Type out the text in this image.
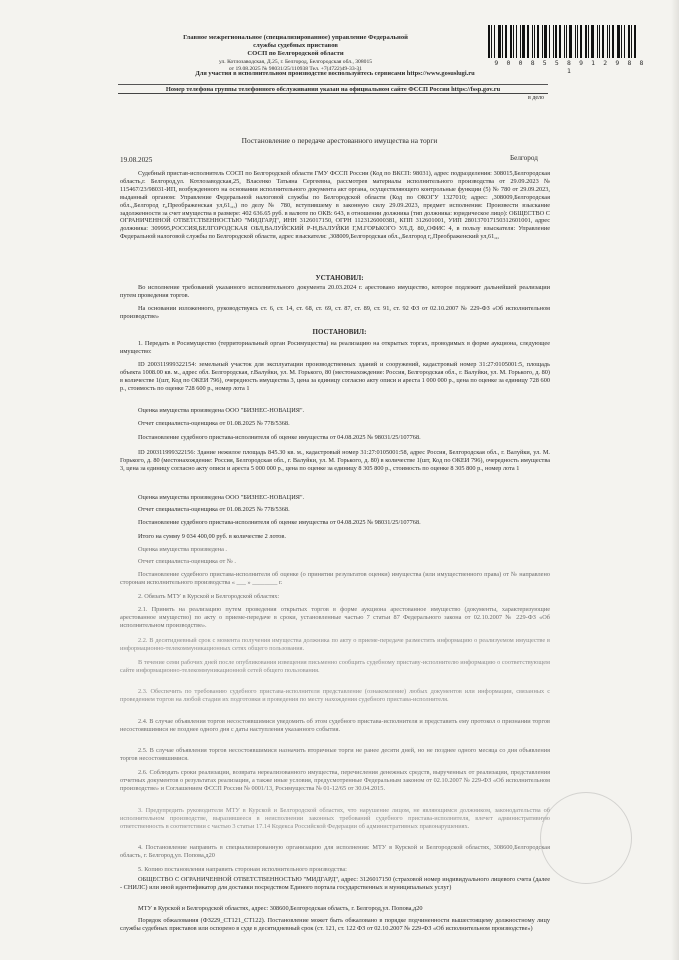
Главное межрегиональное (специализированное) управление Федеральной
службы судебных приставов
СОСП по Белгородской области
ул. Котлозаводская, Д.25, г. Белгород, Белгородская обл., 308015
от 19.08.2025 № 98031/25/110938 Тел. +7(4722)49-33-31
9 0 0 8 5 5 8 9 1 2 9 8 8 1
Для участия в исполнительном производстве воспользуйтесь сервисами https://www.gosuslugi.ru
Номер телефона группы телефонного обслуживания указан на официальном сайте ФССП России https://fssp.gov.ru
в дело
Постановление о передаче арестованного имущества на торги
19.08.2025	Белгород

Судебный пристав-исполнитель СОСП по Белгородской области ГМУ ФССП России (Код по ВКСП: 98031), адрес подразделения: 308015,Белгородская область,г. Белгород,ул. Котлозаводская,25, Власенко Татьяна Сергеевна, рассмотрев материалы исполнительного производства от 29.09.2023 № 115467/23/98031-ИП, возбужденного на основании исполнительного документа акт органа, осуществляющего контрольные функции (5) № 780 от 29.09.2023, выданный органом: Управление Федеральной налоговой службы по Белгородской области (Код по ОКОГУ 1327010; адрес: ,308009,Белгородская обл.,,Белгород г,,Преображенская ул,61,,,) по делу № 780, вступившему в законную силу 29.09.2023, предмет исполнения: Произвести взыскание задолженности за счет имущества в размере: 402 636.65 руб. в валюте по ОКВ: 643, в отношении должника (тип должника: юридическое лицо): ОБЩЕСТВО С ОГРАНИЧЕННОЙ ОТВЕТСТВЕННОСТЬЮ "МИДГАРД", ИНН 3126017150, ОГРН 1123126000381, КПП 312601001, УИП 280137017150312601001, адрес должника: 309995,РОССИЯ,БЕЛГОРОДСКАЯ ОБЛ,ВАЛУЙСКИЙ Р-Н,ВАЛУЙКИ Г,М.ГОРЬКОГО УЛ.Д. 80,,ОФИС 4, в пользу взыскателя: Управление Федеральной налоговой службы по Белгородской области, адрес взыскателя: ,308009,Белгородская обл.,,Белгород г,,Преображенский ул,61,,,

УСТАНОВИЛ:

Во исполнение требований указанного исполнительного документа 20.03.2024 г. арестовано имущество, которое подлежит дальнейшей реализации путем проведения торгов.

На основании изложенного, руководствуясь ст. 6, ст. 14, ст. 68, ст. 69, ст. 87, ст. 89, ст. 91, ст. 92 ФЗ от 02.10.2007 № 229-ФЗ «Об исполнительном производстве»

ПОСТАНОВИЛ:

1. Передать в Росимущество (территориальный орган Росимущества) на реализацию на открытых торгах, проводимых в форме аукциона, следующее имущество:

ID 200311999322154: земельный участок для эксплуатации производственных зданий и сооружений, кадастровый номер 31:27:0105001:5, площадь объекта 1008.00 кв. м., адрес обл. Белгородская, г.Валуйки, ул. М. Горького, 80 (местонахождение: Россия, Белгородская обл., г. Валуйки, ул. М. Горького, д. 80) в количестве 1(шт, Код по ОКЕИ 796), очередность имущества 3, цена за единицу согласно акту описи и ареста 1 000 000 р., цена по оценке за единицу 728 600 р., стоимость по оценке 728 600 р., номер лота 1

Оценка имущества произведена ООО "БИЗНЕС-НОВАЦИЯ".

Отчет специалиста-оценщика от 01.08.2025 № 778/5368.

Постановление судебного пристава-исполнителя об оценке имущества от 04.08.2025 № 98031/25/107768.

ID 200311999322156: Здание нежилое площадь 845.30 кв. м., кадастровый номер 31:27:0105001:58, адрес Россия, Белгородская обл., г. Валуйки, ул. М. Горького, д. 80 (местонахождение: Россия, Белгородская обл., г. Валуйки, ул. М. Горького, д. 80) в количестве 1(шт, Код по ОКЕИ 796), очередность имущества 3, цена за единицу согласно акту описи и ареста 5 000 000 р., цена по оценке за единицу 8 305 800 р., стоимость по оценке 8 305 800 р., номер лота 1

Оценка имущества произведена ООО "БИЗНЕС-НОВАЦИЯ".

Отчет специалиста-оценщика от 01.08.2025 № 778/5368.

Постановление судебного пристава-исполнителя об оценке имущества от 04.08.2025 № 98031/25/107768.

Итого на сумму 9 034 400,00 руб. в количестве 2 лотов.

Оценка имущества произведена .

Отчет специалиста-оценщика от № .

Постановление судебного пристава-исполнителя об оценке (о принятии результатов оценки) имущества (или имущественного права) от № направлено сторонам исполнительного производства « ___ » ________ г.

2. Обязать МТУ в Курской и Белгородской областях:

2.1. Принять на реализацию путем проведения открытых торгов в форме аукциона арестованное имущество (документы, характеризующие арестованное имущество) по акту о приеме-передаче в сроки, установленные частью 7 статьи 87 Федерального закона от 02.10.2007 № 229-ФЗ «Об исполнительном производстве».

2.2. В десятидневный срок с момента получения имущества должника по акту о приеме-передаче разместить информацию о реализуемом имуществе в информационно-телекоммуникационных сетях общего пользования.

В течение семи рабочих дней после опубликования извещения письменно сообщить судебному приставу-исполнителю информацию о соответствующем сайте информационно-телекоммуникационной сетей общего пользования.

2.3. Обеспечить по требованию судебного пристава-исполнителя представление (ознакомление) любых документов или информации, связанных с проведением торгов на любой стадии их подготовки и проведения по месту нахождения судебного пристава-исполнителя.

2.4. В случае объявления торгов несостоявшимися уведомить об этом судебного пристава-исполнителя и представить ему протокол о признании торгов несостоявшимися не позднее одного дня с даты наступления указанного события.

2.5. В случае объявления торгов несостоявшимися назначить вторичные торги не ранее десяти дней, но не позднее одного месяца со дня объявления торгов несостоявшимися.

2.6. Соблюдать сроки реализации, возврата нереализованного имущества, перечисления денежных средств, вырученных от реализации, представления отчетных документов о результатах реализации, а также иные условия, предусмотренные Федеральным законом от 02.10.2007 № 229-ФЗ «Об исполнительном производстве» и Соглашением ФССП России № 0001/13, Росимущества № 01-12/65 от 30.04.2015.

3. Предупредить руководителя МТУ в Курской и Белгородской областях, что нарушение лицом, не являющимся должником, законодательства об исполнительном производстве, выразившееся в неисполнении законных требований судебного пристава-исполнителя, влечет административную ответственность в соответствии с частью 3 статьи 17.14 Кодекса Российской Федерации об административных правонарушениях.

4. Постановление направить в специализированную организацию для исполнения: МТУ в Курской и Белгородской областях, 308600,Белгородская область, г. Белгород,ул. Попова,д20

5. Копию постановления направить сторонам исполнительного производства:

ОБЩЕСТВО С ОГРАНИЧЕННОЙ ОТВЕТСТВЕННОСТЬЮ "МИДГАРД", адрес: 3126017150 (страховой номер индивидуального лицевого счета (далее - СНИЛС) или иной идентификатор для доставки посредством Единого портала государственных и муниципальных услуг)

МТУ в Курской и Белгородской областях, адрес: 308600,Белгородская область, г. Белгород,ул. Попова,д20

Порядок обжалования (ФЗ229_СТ121_СТ122). Постановление может быть обжаловано в порядке подчиненности вышестоящему должностному лицу службы судебных приставов или оспорено в суде в десятидневный срок (ст. 121, ст. 122 ФЗ от 02.10.2007 № 229-ФЗ «Об исполнительном производстве»)
